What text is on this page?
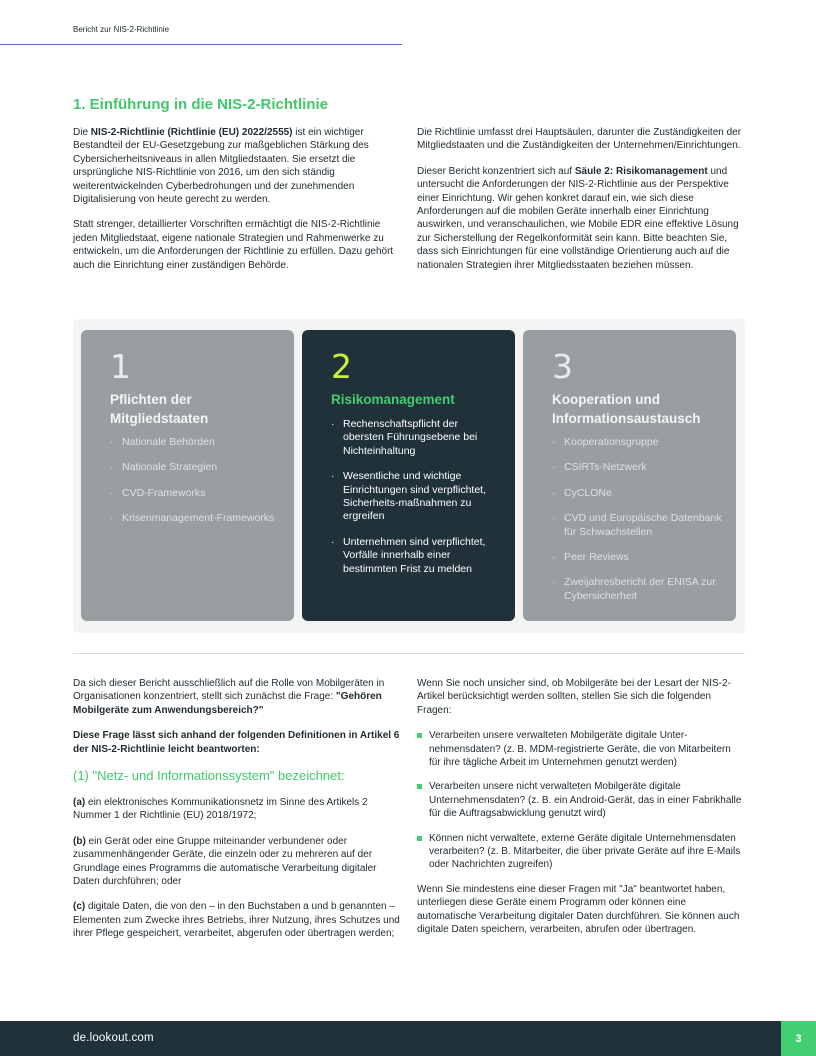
Bericht zur NIS-2-Richtlinie
1. Einführung in die NIS-2-Richtlinie

Die NIS-2-Richtlinie (Richtlinie (EU) 2022/2555) ist ein wichtiger Bestandteil der EU-Gesetzgebung zur maßgeblichen Stärkung des Cybersicherheitsniveaus in allen Mitgliedstaaten. Sie ersetzt die ursprüngliche NIS-Richtlinie von 2016, um den sich ständig weiterentwickelnden Cyberbedrohungen und der zunehmenden Digitalisierung von heute gerecht zu werden.

Statt strenger, detaillierter Vorschriften ermächtigt die NIS-2-Richtlinie jeden Mitgliedstaat, eigene nationale Strategien und Rahmenwerke zu entwickeln, um die Anforderungen der Richtlinie zu erfüllen. Dazu gehört auch die Einrichtung einer zuständigen Behörde.

Die Richtlinie umfasst drei Hauptsäulen, darunter die Zuständigkeiten der Mitgliedstaaten und die Zuständigkeiten der Unternehmen/Einrichtungen.

Dieser Bericht konzentriert sich auf Säule 2: Risikomanagement und untersucht die Anforderungen der NIS-2-Richtlinie aus der Perspektive einer Einrichtung. Wir gehen konkret darauf ein, wie sich diese Anforderungen auf die mobilen Geräte innerhalb einer Einrichtung auswirken, und veranschaulichen, wie Mobile EDR eine effektive Lösung zur Sicherstellung der Regelkonformität sein kann. Bitte beachten Sie, dass sich Einrichtungen für eine vollständige Orientierung auch auf die nationalen Strategien ihrer Mitgliedsstaaten beziehen müssen.

1
Pflichten der Mitgliedstaaten
· Nationale Behörden
· Nationale Strategien
· CVD-Frameworks
· Krisenmanagement-Frameworks
2
Risikomanagement
· Rechenschaftspflicht der obersten Führungsebene bei Nichteinhaltung
· Wesentliche und wichtige Einrichtungen sind verpflichtet, Sicherheits-maßnahmen zu ergreifen
· Unternehmen sind verpflichtet, Vorfälle innerhalb einer bestimmten Frist zu melden
3
Kooperation und Informationsaustausch
· Kooperationsgruppe
· CSIRTs-Netzwerk
· CyCLONe
· CVD und Europäische Datenbank für Schwachstellen
· Peer Reviews
· Zweijahresbericht der ENISA zur Cybersicherheit

Da sich dieser Bericht ausschließlich auf die Rolle von Mobilgeräten in Organisationen konzentriert, stellt sich zunächst die Frage: "Gehören Mobilgeräte zum Anwendungsbereich?"

Diese Frage lässt sich anhand der folgenden Definitionen in Artikel 6 der NIS-2-Richtlinie leicht beantworten:

(1) "Netz- und Informationssystem" bezeichnet:

(a) ein elektronisches Kommunikationsnetz im Sinne des Artikels 2 Nummer 1 der Richtlinie (EU) 2018/1972;

(b) ein Gerät oder eine Gruppe miteinander verbundener oder zusammenhängender Geräte, die einzeln oder zu mehreren auf der Grundlage eines Programms die automatische Verarbeitung digitaler Daten durchführen; oder

(c) digitale Daten, die von den – in den Buchstaben a und b genannten – Elementen zum Zwecke ihres Betriebs, ihrer Nutzung, ihres Schutzes und ihrer Pflege gespeichert, verarbeitet, abgerufen oder übertragen werden;

Wenn Sie noch unsicher sind, ob Mobilgeräte bei der Lesart der NIS-2-Artikel berücksichtigt werden sollten, stellen Sie sich die folgenden Fragen:

Verarbeiten unsere verwalteten Mobilgeräte digitale Unter-nehmensdaten? (z. B. MDM-registrierte Geräte, die von Mitarbeitern für ihre tägliche Arbeit im Unternehmen genutzt werden)
Verarbeiten unsere nicht verwalteten Mobilgeräte digitale Unternehmensdaten? (z. B. ein Android-Gerät, das in einer Fabrikhalle für die Auftragsabwicklung genutzt wird)
Können nicht verwaltete, externe Geräte digitale Unternehmensdaten verarbeiten? (z. B. Mitarbeiter, die über private Geräte auf ihre E-Mails oder Nachrichten zugreifen)

Wenn Sie mindestens eine dieser Fragen mit "Ja" beantwortet haben, unterliegen diese Geräte einem Programm oder können eine automatische Verarbeitung digitaler Daten durchführen. Sie können auch digitale Daten speichern, verarbeiten, abrufen oder übertragen.

de.lookout.com	3
